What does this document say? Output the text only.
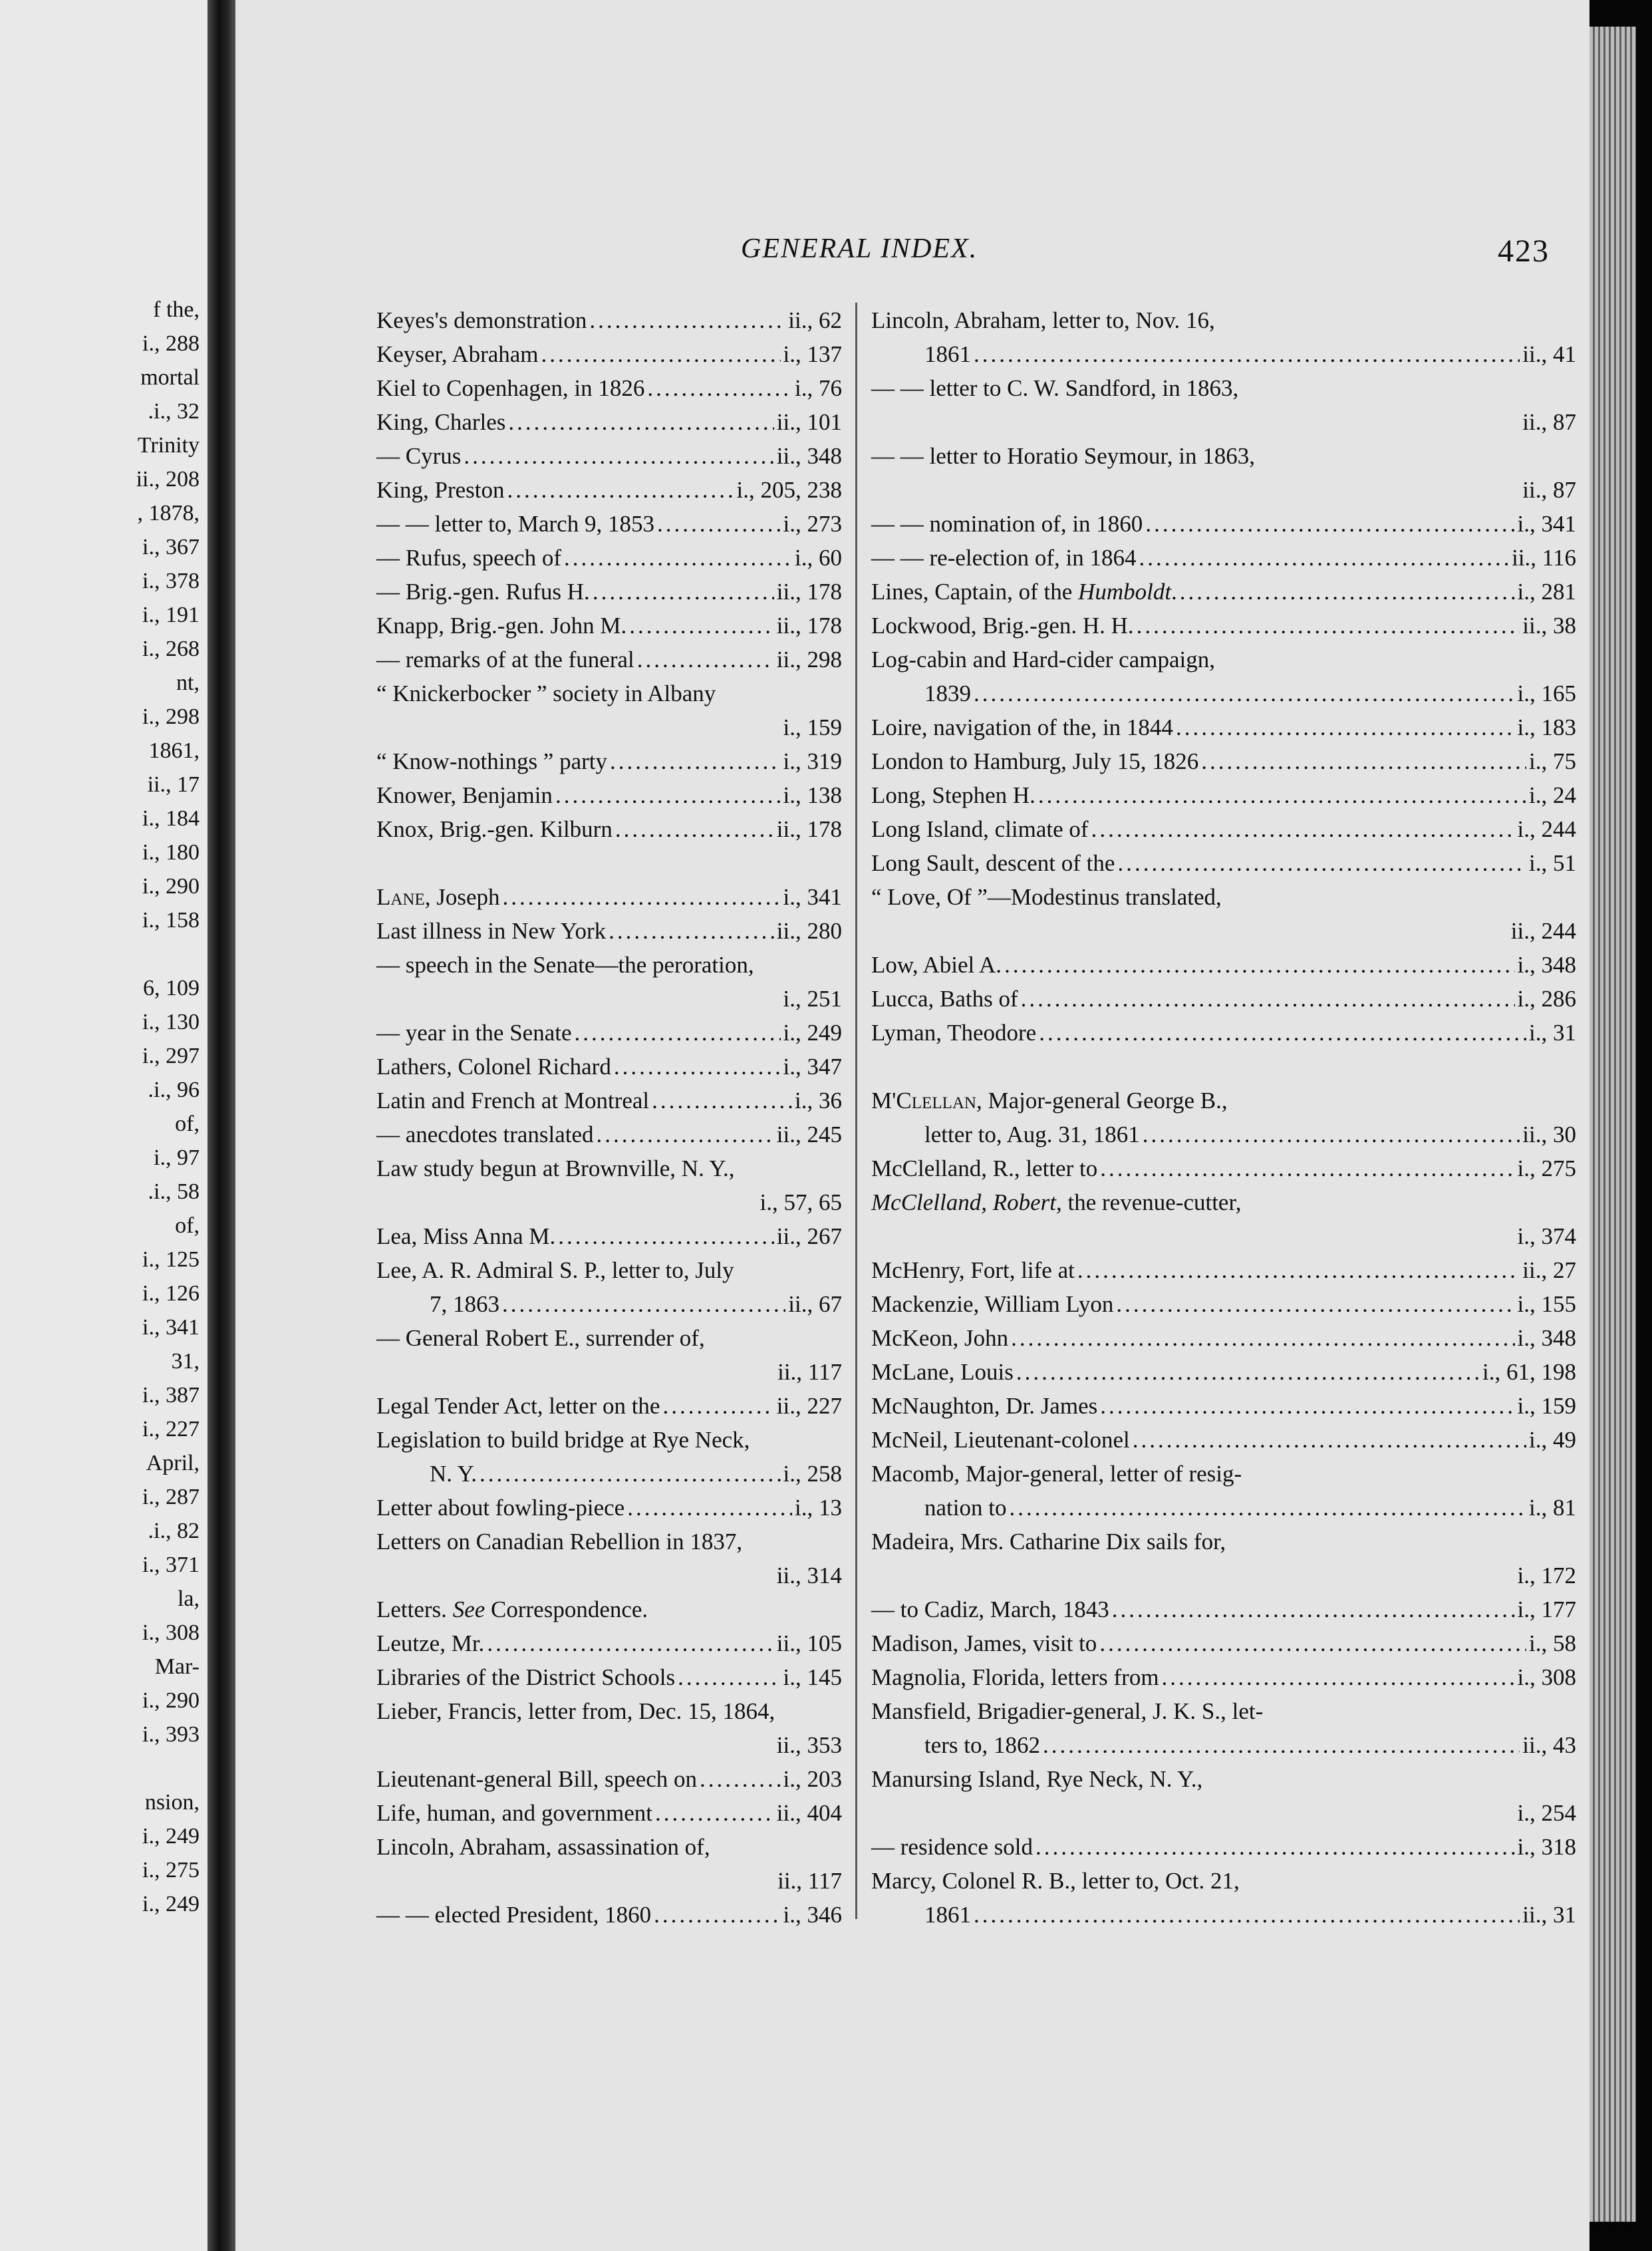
f the,
i., 288
mortal
.i., 32
Trinity
ii., 208
, 1878,
i., 367
i., 378
i., 191
i., 268
nt,
i., 298
1861,
ii., 17
i., 184
i., 180
i., 290
i., 158
6, 109
i., 130
i., 297
.i., 96
of,
i., 97
.i., 58
of,
i., 125
i., 126
i., 341
31,
i., 387
i., 227
April,
i., 287
.i., 82
i., 371
la,
i., 308
Mar-
i., 290
i., 393
nsion,
i., 249
i., 275
i., 249
GENERAL INDEX.	423
Keyes's demonstration .....	ii., 62
Keyser, Abraham .....	i., 137
Kiel to Copenhagen, in 1826 .....	i., 76
King, Charles .....	ii., 101
— Cyrus .....	ii., 348
King, Preston .....	i., 205, 238
— — letter to, March 9, 1853 .....	i., 273
— Rufus, speech of .....	i., 60
— Brig.-gen. Rufus H. .....	ii., 178
Knapp, Brig.-gen. John M. .....	ii., 178
— remarks of at the funeral .....	ii., 298
“ Knickerbocker ” society in Albany
i., 159
“ Know-nothings ” party .....	i., 319
Knower, Benjamin .....	i., 138
Knox, Brig.-gen. Kilburn .....	ii., 178
Lane, Joseph .....	i., 341
Last illness in New York .....	ii., 280
— speech in the Senate—the peroration,
i., 251
— year in the Senate .....	i., 249
Lathers, Colonel Richard .....	i., 347
Latin and French at Montreal .....	i., 36
— anecdotes translated .....	ii., 245
Law study begun at Brownville, N. Y.,
i., 57, 65
Lea, Miss Anna M. .....	ii., 267
Lee, A. R. Admiral S. P., letter to, July
7, 1863 .....	ii., 67
— General Robert E., surrender of,
ii., 117
Legal Tender Act, letter on the .....	ii., 227
Legislation to build bridge at Rye Neck,
N. Y. .....	i., 258
Letter about fowling-piece .....	i., 13
Letters on Canadian Rebellion in 1837,
ii., 314
Letters. See Correspondence.
Leutze, Mr. .....	ii., 105
Libraries of the District Schools .....	i., 145
Lieber, Francis, letter from, Dec. 15, 1864,
ii., 353
Lieutenant-general Bill, speech on .....	i., 203
Life, human, and government .....	ii., 404
Lincoln, Abraham, assassination of,
ii., 117
— — elected President, 1860 .....	i., 346
Lincoln, Abraham, letter to, Nov. 16,
1861 .....	ii., 41
— — letter to C. W. Sandford, in 1863,
ii., 87
— — letter to Horatio Seymour, in 1863,
ii., 87
— — nomination of, in 1860 .....	i., 341
— — re-election of, in 1864 .....	ii., 116
Lines, Captain, of the Humboldt. .....	i., 281
Lockwood, Brig.-gen. H. H. .....	ii., 38
Log-cabin and Hard-cider campaign,
1839 .....	i., 165
Loire, navigation of the, in 1844 .....	i., 183
London to Hamburg, July 15, 1826 .....	i., 75
Long, Stephen H. .....	i., 24
Long Island, climate of .....	i., 244
Long Sault, descent of the .....	i., 51
“ Love, Of ”—Modestinus translated,
ii., 244
Low, Abiel A. .....	i., 348
Lucca, Baths of .....	i., 286
Lyman, Theodore .....	i., 31
M'Clellan, Major-general George B.,
letter to, Aug. 31, 1861 .....	ii., 30
McClelland, R., letter to .....	i., 275
McClelland, Robert, the revenue-cutter,
i., 374
McHenry, Fort, life at .....	ii., 27
Mackenzie, William Lyon .....	i., 155
McKeon, John .....	i., 348
McLane, Louis .....	i., 61, 198
McNaughton, Dr. James .....	i., 159
McNeil, Lieutenant-colonel .....	i., 49
Macomb, Major-general, letter of resig-
nation to .....	i., 81
Madeira, Mrs. Catharine Dix sails for,
i., 172
— to Cadiz, March, 1843 .....	i., 177
Madison, James, visit to .....	i., 58
Magnolia, Florida, letters from .....	i., 308
Mansfield, Brigadier-general, J. K. S., let-
ters to, 1862 .....	ii., 43
Manursing Island, Rye Neck, N. Y.,
i., 254
— residence sold .....	i., 318
Marcy, Colonel R. B., letter to, Oct. 21,
1861 .....	ii., 31
